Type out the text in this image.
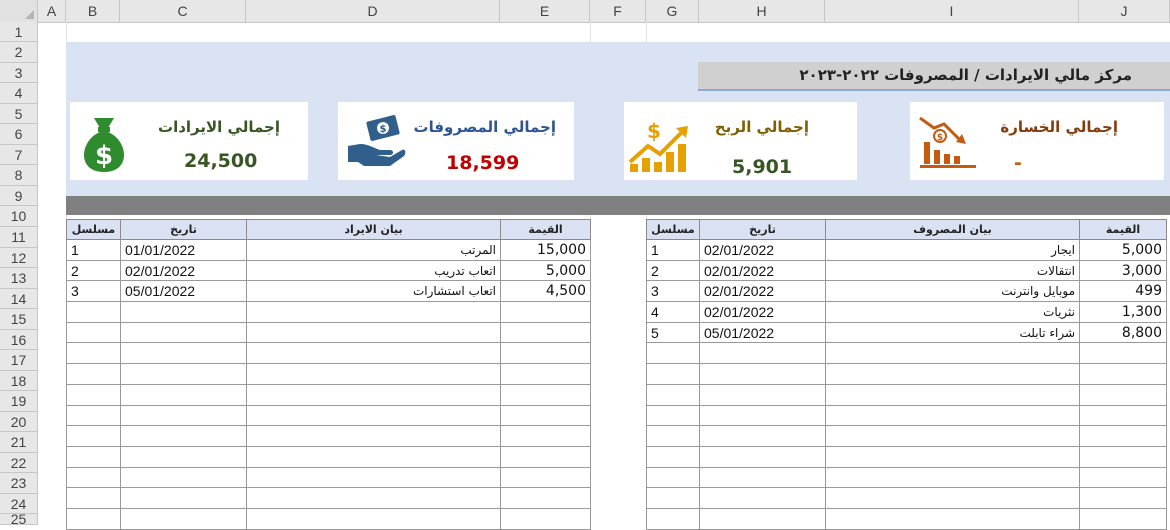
A	B	C	D	E	F	G	H	I	J
1
2
3
4
5
6
7
8
9
10
11
12
13
14
15
16
17
18
19
20
21
22
23
24
25
مركز مالي الايرادات / المصروفات ٢٠٢٢-٢٠٢٣
$
إجمالي الايرادات
24,500
$ إجمالي المصروفات
18,599
$	إجمالي الربح
5,901
$
إجمالي الخسارة
-
مسلسل	تاريخ	بيان الايراد	القيمة
1	01/01/2022	المرتب	15,000
2	02/01/2022	اتعاب تدريب	5,000
3	05/01/2022	اتعاب استشارات	4,500

مسلسل	تاريخ	بيان المصروف	القيمة
1	02/01/2022	ايجار	5,000
2	02/01/2022	انتقالات	3,000
3	02/01/2022	موبايل وانترنت	499
4	02/01/2022	نثريات	1,300
5	05/01/2022	شراء تابلت	8,800
